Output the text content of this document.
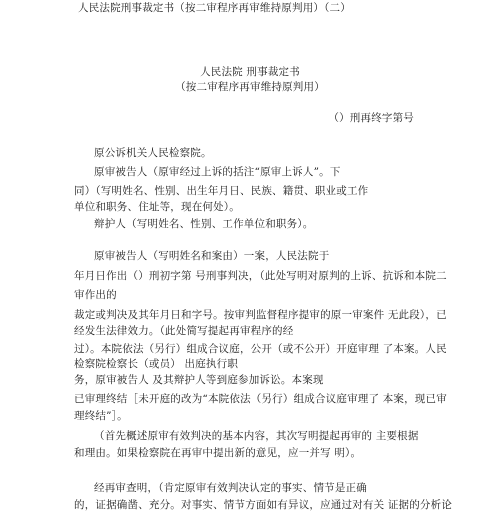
人民法院刑事裁定书（按二审程序再审维持原判用）（二）
人民法院 刑事裁定书
（按二审程序再审维持原判用）
（）刑再终字第号
原公诉机关人民检察院。
原审被告人（原审经过上诉的括注“原审上诉人”。下
同）（写明姓名、性别、出生年月日、民族、籍贯、职业或工作
单位和职务、住址等，现在何处）。
辩护人（写明姓名、性别、工作单位和职务）。
原审被告人（写明姓名和案由）一案，人民法院于
年月日作出（）刑初字第 号刑事判决，（此处写明对原判的上诉、抗诉和本院二
审作出的
裁定或判决及其年月日和字号。按审判监督程序提审的原一审案件 无此段），已
经发生法律效力。（此处简写提起再审程序的经
过）。本院依法（另行）组成合议庭，公开（或不公开）开庭审理 了本案。人民
检察院检察长（或员） 出庭执行职
务，原审被告人 及其辩护人等到庭参加诉讼。本案现
已审理终结［未开庭的改为“本院依法（另行）组成合议庭审理了 本案，现已审
理终结”］。
（首先概述原审有效判决的基本内容，其次写明提起再审的 主要根据
和理由。如果检察院在再审中提出新的意见，应一并写 明）。
经再审查明，（肯定原审有效判决认定的事实、情节是正确
的，证据确凿、充分。对事实、情节方面如有异议，应通过对有关 证据的分析论
